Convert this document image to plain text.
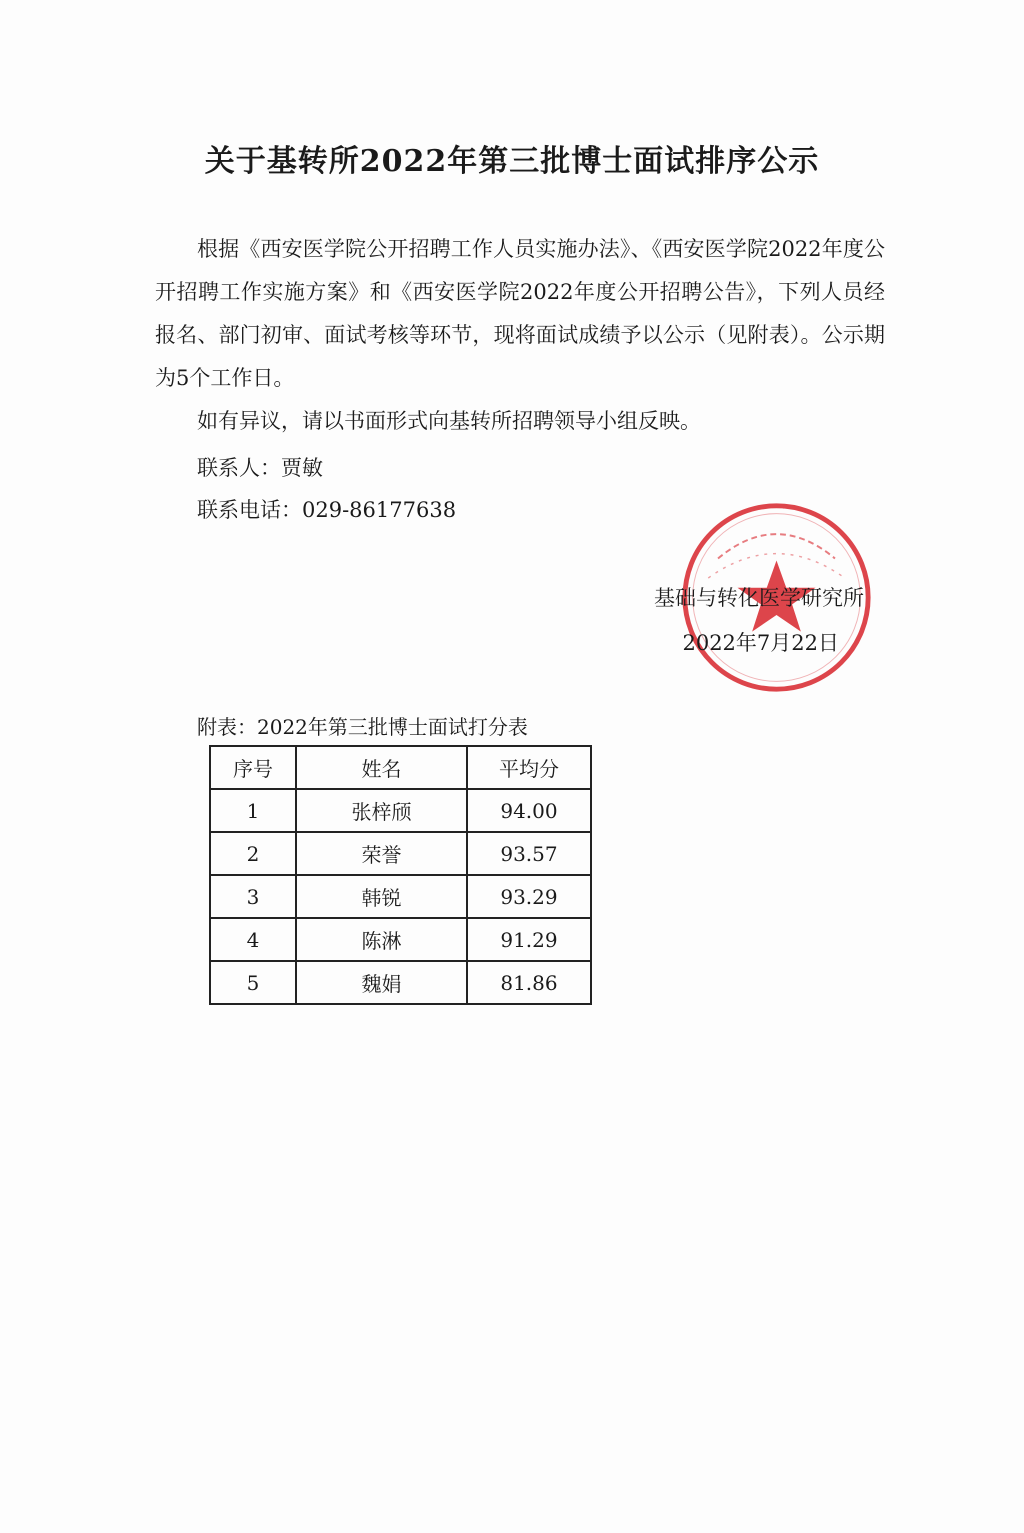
关于基转所2022年第三批博士面试排序公示

根据《西安医学院公开招聘工作人员实施办法》、《西安医学院2022年度公开招聘工作实施方案》和《西安医学院2022年度公开招聘公告》，下列人员经报名、部门初审、面试考核等环节，现将面试成绩予以公示（见附表）。公示期为5个工作日。

如有异议，请以书面形式向基转所招聘领导小组反映。

联系人：贾敏
联系电话：029-86177638
基础与转化医学研究所
2022年7月22日
附表：2022年第三批博士面试打分表
序号	姓名	平均分
1	张梓颀	94.00
2	荣誉	93.57
3	韩锐	93.29
4	陈淋	91.29
5	魏娟	81.86
